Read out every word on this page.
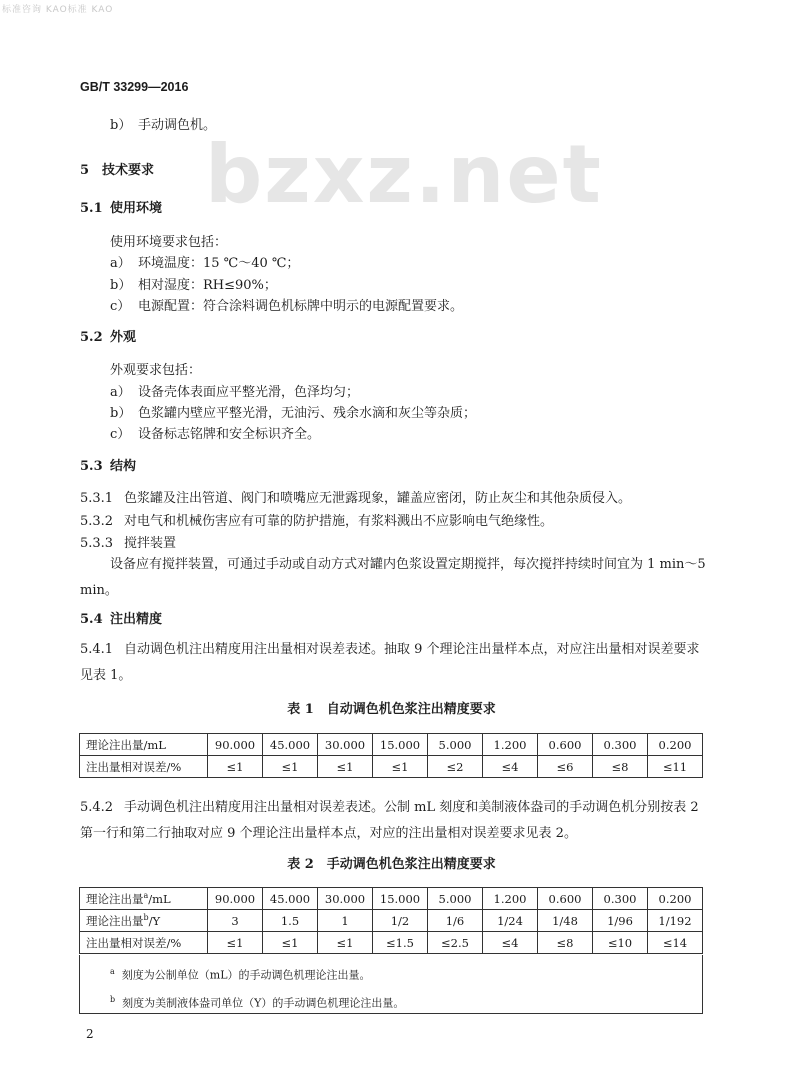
标准咨询 KAO标准 KAO
GB/T 33299—2016
bzxz.net
b） 手动调色机。
5 技术要求
5.1 使用环境
使用环境要求包括：
a） 环境温度：15 ℃～40 ℃；
b） 相对湿度：RH≤90%；
c） 电源配置：符合涂料调色机标牌中明示的电源配置要求。
5.2 外观
外观要求包括：
a） 设备壳体表面应平整光滑，色泽均匀；
b） 色浆罐内壁应平整光滑，无油污、残余水滴和灰尘等杂质；
c） 设备标志铭牌和安全标识齐全。
5.3 结构
5.3.1 色浆罐及注出管道、阀门和喷嘴应无泄露现象，罐盖应密闭，防止灰尘和其他杂质侵入。
5.3.2 对电气和机械伤害应有可靠的防护措施，有浆料溅出不应影响电气绝缘性。
5.3.3 搅拌装置
设备应有搅拌装置，可通过手动或自动方式对罐内色浆设置定期搅拌，每次搅拌持续时间宜为 1 min～5 min。
5.4 注出精度
5.4.1 自动调色机注出精度用注出量相对误差表述。抽取 9 个理论注出量样本点，对应注出量相对误差要求见表 1。
表 1　自动调色机色浆注出精度要求
理论注出量/mL	90.000	45.000	30.000	15.000	5.000	1.200	0.600	0.300	0.200
注出量相对误差/%	≤1	≤1	≤1	≤1	≤2	≤4	≤6	≤8	≤11
5.4.2 手动调色机注出精度用注出量相对误差表述。公制 mL 刻度和美制液体盎司的手动调色机分别按表 2 第一行和第二行抽取对应 9 个理论注出量样本点，对应的注出量相对误差要求见表 2。
表 2　手动调色机色浆注出精度要求
理论注出量$^a$/mL	90.000	45.000	30.000	15.000	5.000	1.200	0.600	0.300	0.200
理论注出量$^b$/Y	3	1.5	1	1/2	1/6	1/24	1/48	1/96	1/192
注出量相对误差/%	≤1	≤1	≤1	≤1.5	≤2.5	≤4	≤8	≤10	≤14
$^a$ 刻度为公制单位（mL）的手动调色机理论注出量。
$^b$ 刻度为美制液体盎司单位（Y）的手动调色机理论注出量。
2
